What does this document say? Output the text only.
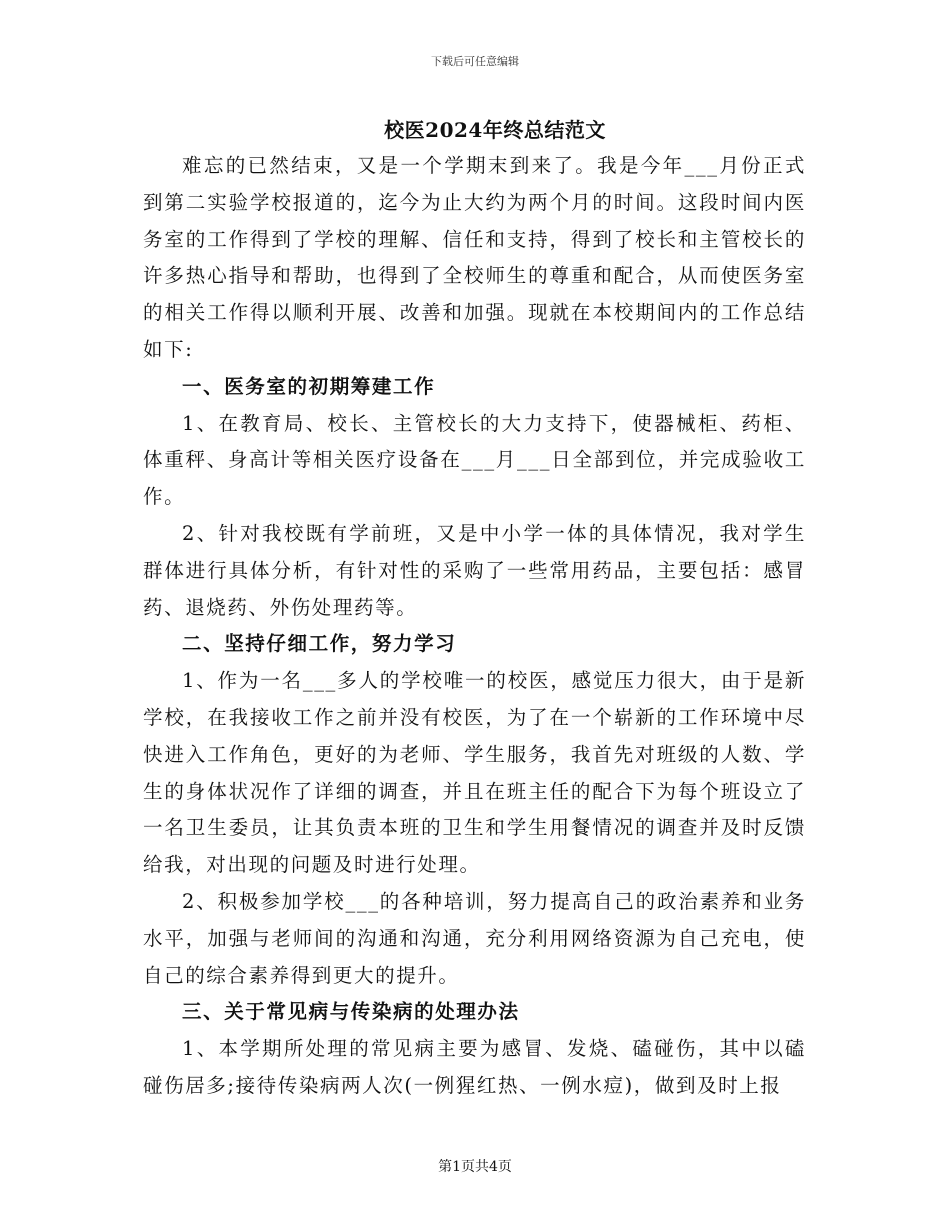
下载后可任意编辑
校医2024年终总结范文

难忘的已然结束，又是一个学期末到来了。我是今年___月份正式到第二实验学校报道的，迄今为止大约为两个月的时间。这段时间内医务室的工作得到了学校的理解、信任和支持，得到了校长和主管校长的许多热心指导和帮助，也得到了全校师生的尊重和配合，从而使医务室的相关工作得以顺利开展、改善和加强。现就在本校期间内的工作总结如下:

一、医务室的初期筹建工作

1、在教育局、校长、主管校长的大力支持下，使器械柜、药柜、体重秤、身高计等相关医疗设备在___月___日全部到位，并完成验收工作。

2、针对我校既有学前班，又是中小学一体的具体情况，我对学生群体进行具体分析，有针对性的采购了一些常用药品，主要包括：感冒药、退烧药、外伤处理药等。

二、坚持仔细工作，努力学习

1、作为一名___多人的学校唯一的校医，感觉压力很大，由于是新学校，在我接收工作之前并没有校医，为了在一个崭新的工作环境中尽快进入工作角色，更好的为老师、学生服务，我首先对班级的人数、学生的身体状况作了详细的调查，并且在班主任的配合下为每个班设立了一名卫生委员，让其负责本班的卫生和学生用餐情况的调查并及时反馈给我，对出现的问题及时进行处理。

2、积极参加学校___的各种培训，努力提高自己的政治素养和业务水平，加强与老师间的沟通和沟通，充分利用网络资源为自己充电，使自己的综合素养得到更大的提升。

三、关于常见病与传染病的处理办法

1、本学期所处理的常见病主要为感冒、发烧、磕碰伤，其中以磕碰伤居多;接待传染病两人次(一例猩红热、一例水痘)，做到及时上报

第1页共4页
